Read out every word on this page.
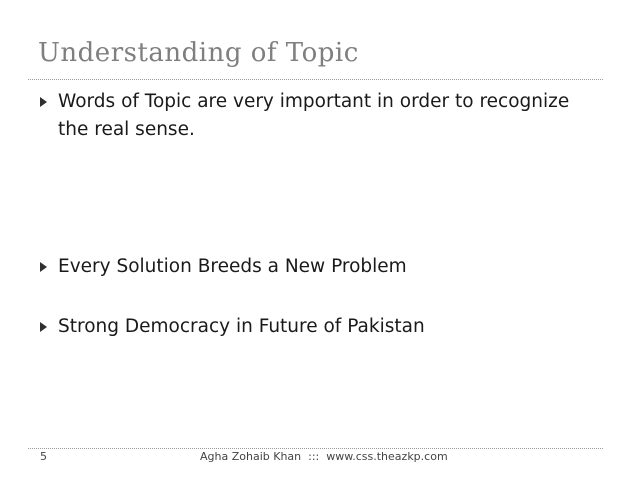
Understanding of Topic
Words of Topic are very important in order to recognize the real sense.
Every Solution Breeds a New Problem
Strong Democracy in Future of Pakistan
5	Agha Zohaib Khan ::: www.css.theazkp.com
